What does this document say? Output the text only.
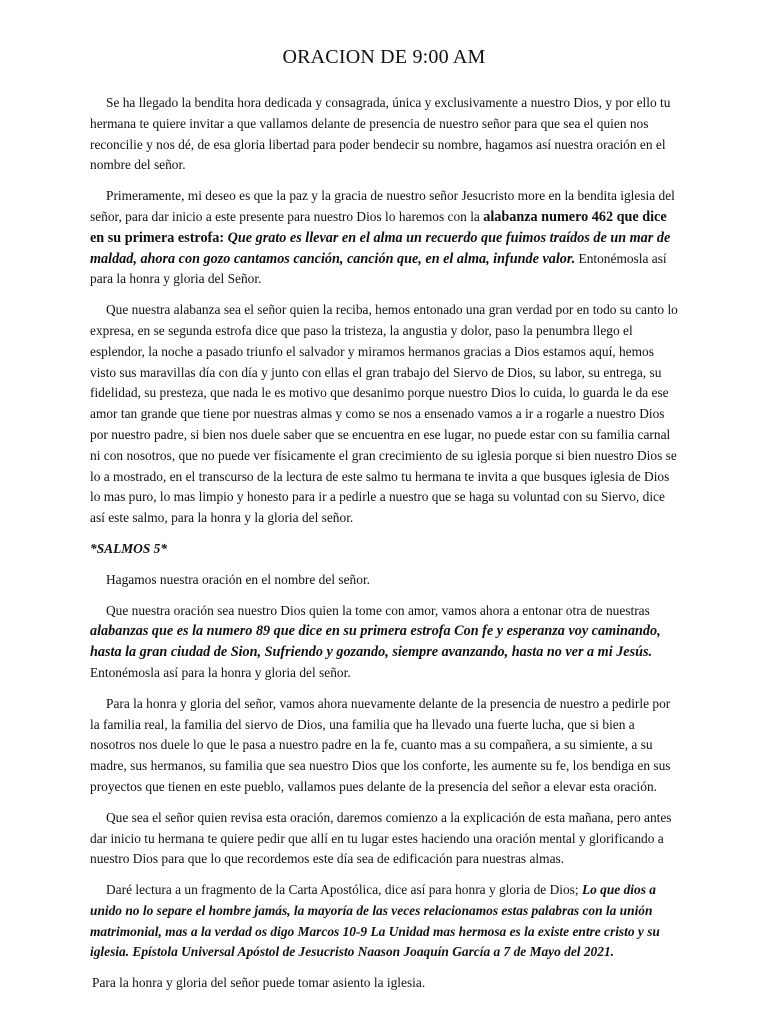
ORACION DE 9:00 AM

Se ha llegado la bendita hora dedicada y consagrada, única y exclusivamente a nuestro Dios, y por ello tu hermana te quiere invitar a que vallamos delante de presencia de nuestro señor para que sea el quien nos reconcilie y nos dé, de esa gloria libertad para poder bendecir su nombre, hagamos así nuestra oración en el nombre del señor.

Primeramente, mi deseo es que la paz y la gracia de nuestro señor Jesucristo more en la bendita iglesia del señor, para dar inicio a este presente para nuestro Dios lo haremos con la alabanza numero 462 que dice en su primera estrofa: Que grato es llevar en el alma un recuerdo que fuimos traídos de un mar de maldad, ahora con gozo cantamos canción, canción que, en el alma, infunde valor. Entonémosla así para la honra y gloria del Señor.

Que nuestra alabanza sea el señor quien la reciba, hemos entonado una gran verdad por en todo su canto lo expresa, en se segunda estrofa dice que paso la tristeza, la angustia y dolor, paso la penumbra llego el esplendor, la noche a pasado triunfo el salvador y miramos hermanos gracias a Dios estamos aquí, hemos visto sus maravillas día con día y junto con ellas el gran trabajo del Siervo de Dios, su labor, su entrega, su fidelidad, su presteza, que nada le es motivo que desanimo porque nuestro Dios lo cuida, lo guarda le da ese amor tan grande que tiene por nuestras almas y como se nos a ensenado vamos a ir a rogarle a nuestro Dios por nuestro padre, si bien nos duele saber que se encuentra en ese lugar, no puede estar con su familia carnal ni con nosotros, que no puede ver físicamente el gran crecimiento de su iglesia porque si bien nuestro Dios se lo a mostrado, en el transcurso de la lectura de este salmo tu hermana te invita a que busques iglesia de Dios lo mas puro, lo mas limpio y honesto para ir a pedirle a nuestro que se haga su voluntad con su Siervo, dice así este salmo, para la honra y la gloria del señor.

*SALMOS 5*

Hagamos nuestra oración en el nombre del señor.

Que nuestra oración sea nuestro Dios quien la tome con amor, vamos ahora a entonar otra de nuestras alabanzas que es la numero 89 que dice en su primera estrofa Con fe y esperanza voy caminando, hasta la gran ciudad de Sion, Sufriendo y gozando, siempre avanzando, hasta no ver a mi Jesús. Entonémosla así para la honra y gloria del señor.

Para la honra y gloria del señor, vamos ahora nuevamente delante de la presencia de nuestro a pedirle por la familia real, la familia del siervo de Dios, una familia que ha llevado una fuerte lucha, que si bien a nosotros nos duele lo que le pasa a nuestro padre en la fe, cuanto mas a su compañera, a su simiente, a su madre, sus hermanos, su familia que sea nuestro Dios que los conforte, les aumente su fe, los bendiga en sus proyectos que tienen en este pueblo, vallamos pues delante de la presencia del señor a elevar esta oración.

Que sea el señor quien revisa esta oración, daremos comienzo a la explicación de esta mañana, pero antes dar inicio tu hermana te quiere pedir que allí en tu lugar estes haciendo una oración mental y glorificando a nuestro Dios para que lo que recordemos este día sea de edificación para nuestras almas.

Daré lectura a un fragmento de la Carta Apostólica, dice así para honra y gloria de Dios; Lo que dios a unido no lo separe el hombre jamás, la mayoría de las veces relacionamos estas palabras con la unión matrimonial, mas a la verdad os digo Marcos 10-9 La Unidad mas hermosa es la existe entre cristo y su iglesia. Epístola Universal Apóstol de Jesucristo Naason Joaquín García a 7 de Mayo del 2021.

Para la honra y gloria del señor puede tomar asiento la iglesia.
